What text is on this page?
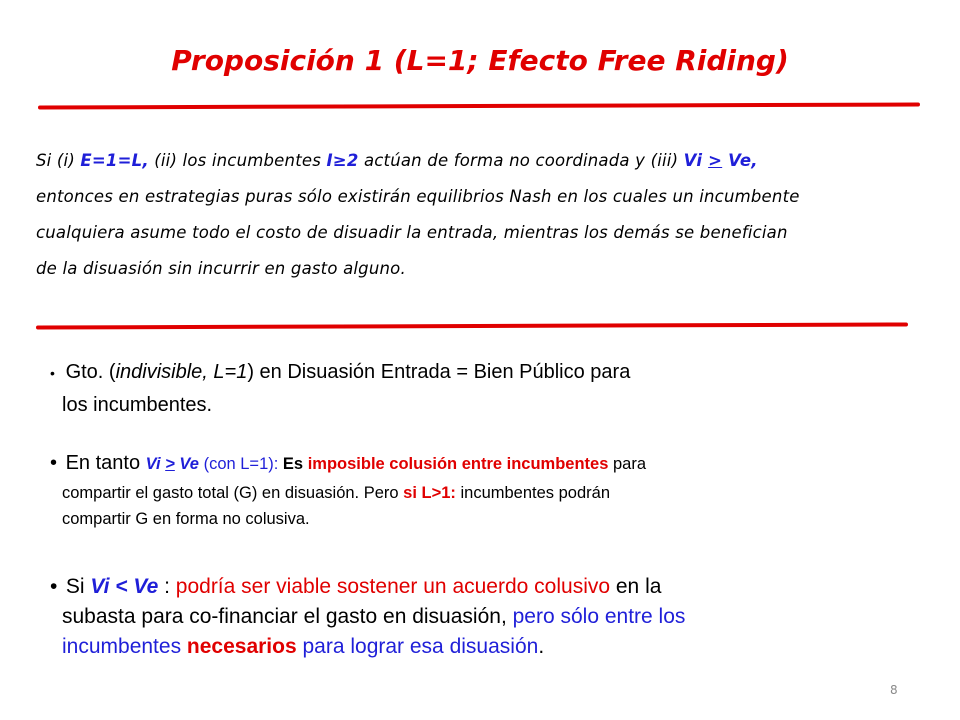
Proposición 1 (L=1; Efecto Free Riding)
Si (i) E=1=L, (ii) los incumbentes I≥2 actúan de forma no coordinada y (iii) Vi > Ve,
entonces en estrategias puras sólo existirán equilibrios Nash en los cuales un incumbente
cualquiera asume todo el costo de disuadir la entrada, mientras los demás se benefician
de la disuasión sin incurrir en gasto alguno.
• Gto. (indivisible, L=1) en Disuasión Entrada = Bien Público para
los incumbentes.
• En tanto Vi > Ve (con L=1): Es imposible colusión entre incumbentes para
compartir el gasto total (G) en disuasión. Pero si L>1: incumbentes podrán
compartir G en forma no colusiva.
• Si Vi < Ve : podría ser viable sostener un acuerdo colusivo en la
subasta para co-financiar el gasto en disuasión, pero sólo entre los
incumbentes necesarios para lograr esa disuasión.
8
